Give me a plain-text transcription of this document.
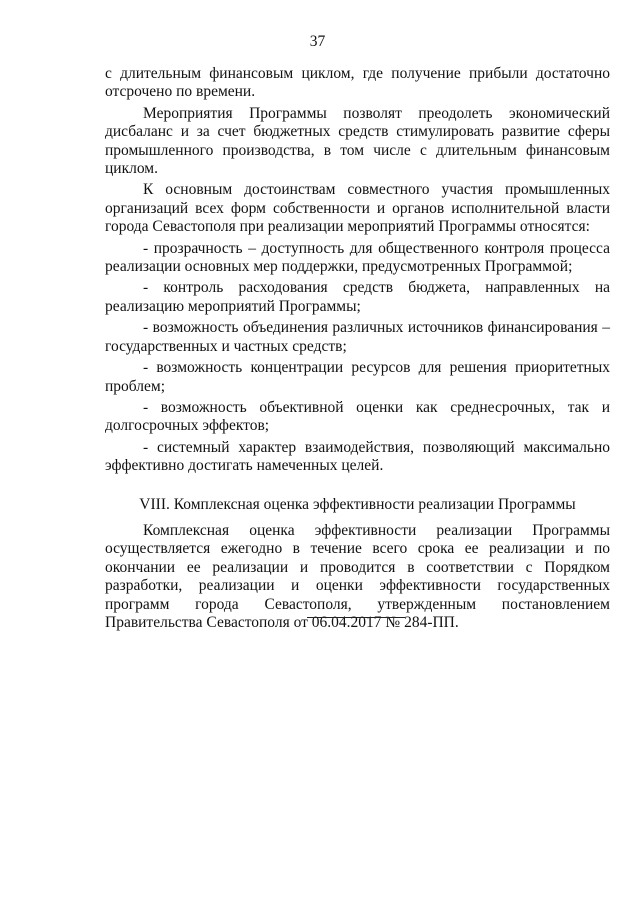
37

с длительным финансовым циклом, где получение прибыли достаточно отсрочено по времени.

Мероприятия Программы позволят преодолеть экономический дисбаланс и за счет бюджетных средств стимулировать развитие сферы промышленного производства, в том числе с длительным финансовым циклом.

К основным достоинствам совместного участия промышленных организаций всех форм собственности и органов исполнительной власти города Севастополя при реализации мероприятий Программы относятся:

- прозрачность – доступность для общественного контроля процесса реализации основных мер поддержки, предусмотренных Программой;

- контроль расходования средств бюджета, направленных на реализацию мероприятий Программы;

- возможность объединения различных источников финансирования – государственных и частных средств;

- возможность концентрации ресурсов для решения приоритетных проблем;

- возможность объективной оценки как среднесрочных, так и долгосрочных эффектов;

- системный характер взаимодействия, позволяющий максимально эффективно достигать намеченных целей.

VIII. Комплексная оценка эффективности реализации Программы

Комплексная оценка эффективности реализации Программы осуществляется ежегодно в течение всего срока ее реализации и по окончании ее реализации и проводится в соответствии с Порядком разработки, реализации и оценки эффективности государственных программ города Севастополя, утвержденным постановлением Правительства Севастополя от 06.04.2017 № 284-ПП.
